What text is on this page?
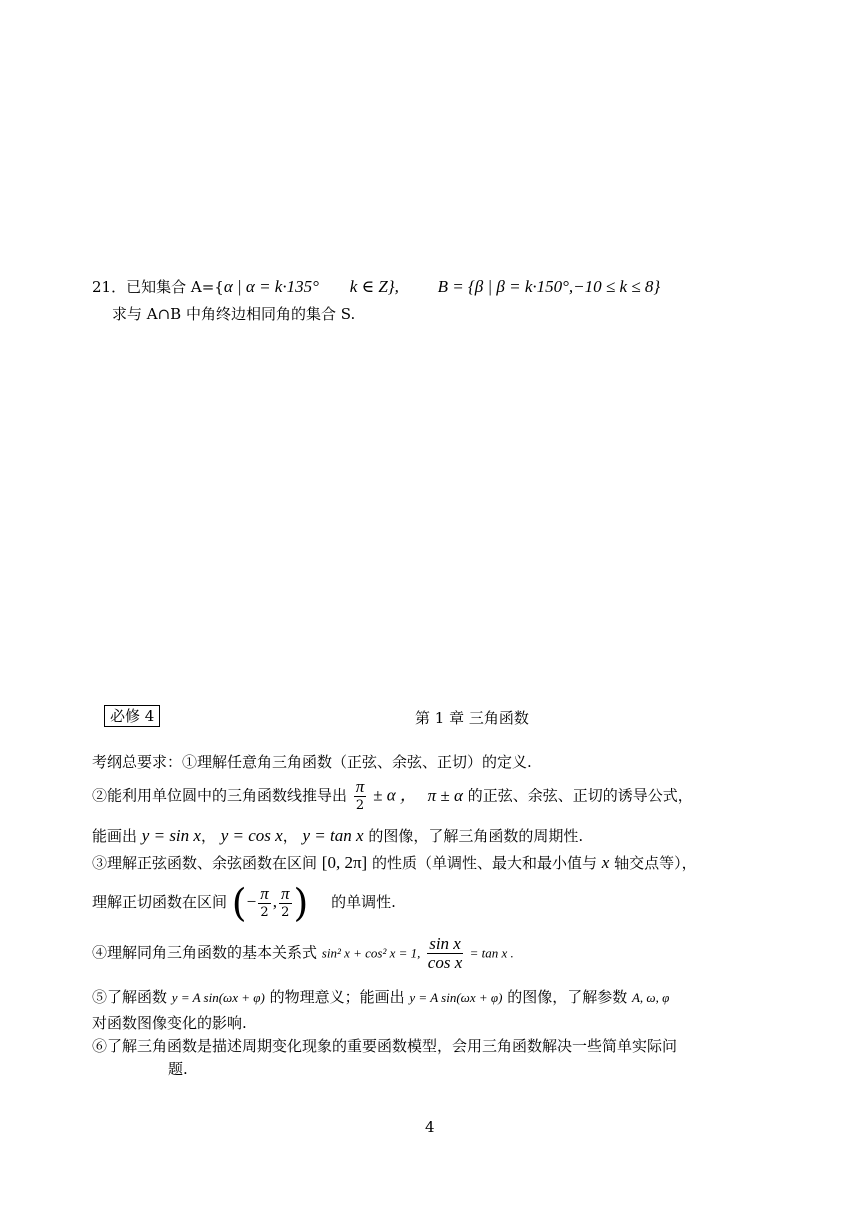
21．已知集合 A={α | α = k·135° k ∈ Z}, B = {β | β = k·150°,−10 ≤ k ≤ 8}
求与 A∩B 中角终边相同角的集合 S.
必修 4	第 1 章 三角函数
考纲总要求：①理解任意角三角函数（正弦、余弦、正切）的定义.
②能利用单位圆中的三角函数线推导出 $\frac{\pi}{2} \pm \alpha$ ， π ± α 的正弦、余弦、正切的诱导公式，
能画出 y = sin x， y = cos x， y = tan x 的图像，了解三角函数的周期性.
③理解正弦函数、余弦函数在区间 [0, 2π] 的性质（单调性、最大和最小值与 x 轴交点等），
理解正切函数在区间 (− $\frac{\pi}{2}$ , $\frac{\pi}{2}$ ) 的单调性.
④理解同角三角函数的基本关系式 sin² x + cos² x = 1, $\frac{\text{sin x}}{\text{cos x}} = \tan x$ .
⑤了解函数 y = A sin(ωx + φ) 的物理意义；能画出 y = A sin(ωx + φ) 的图像，了解参数 A, ω, φ
对函数图像变化的影响.
⑥了解三角函数是描述周期变化现象的重要函数模型，会用三角函数解决一些简单实际问
题.
4
